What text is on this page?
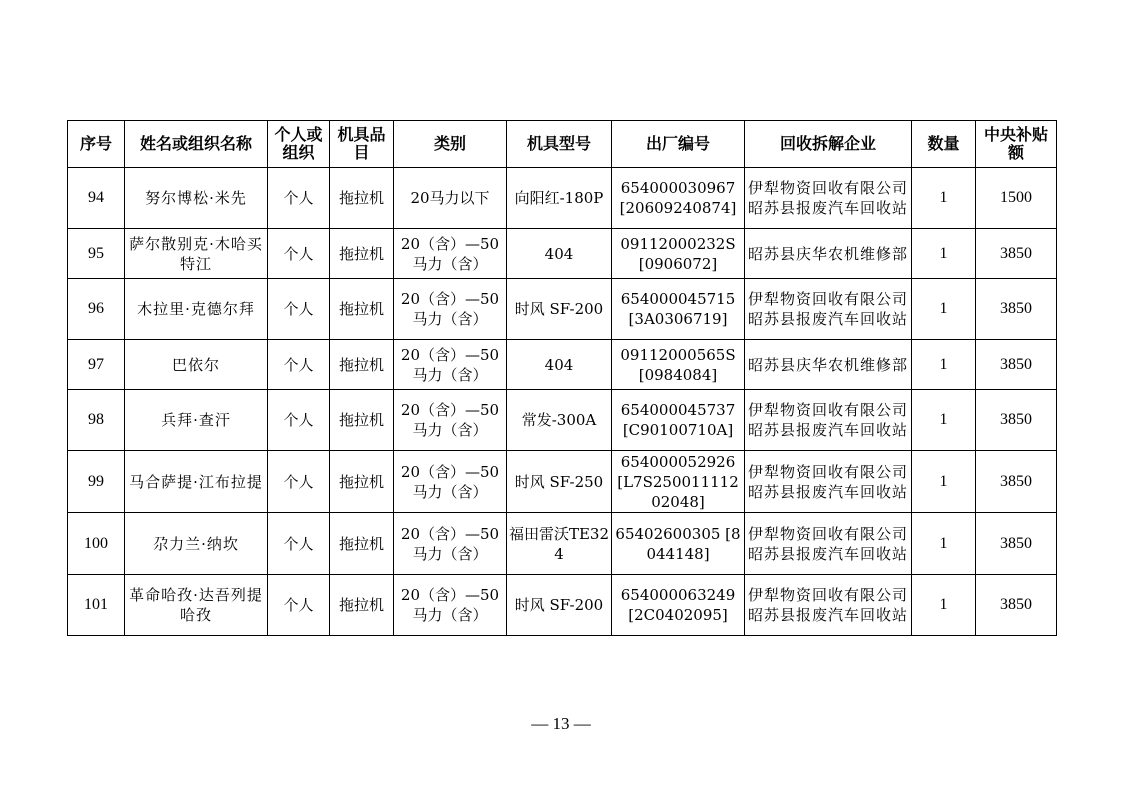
序号	姓名或组织名称	个人或组织	机具品目	类别	机具型号	出厂编号	回收拆解企业	数量	中央补贴额
94	努尔博松·米先	个人	拖拉机	20马力以下	向阳红-180P	654000030967 [20609240874]	伊犁物资回收有限公司昭苏县报废汽车回收站	1	1500
95	萨尔散别克·木哈买特江	个人	拖拉机	20（含）—50马力（含）	404	09112000232S [0906072]	昭苏县庆华农机维修部	1	3850
96	木拉里·克德尔拜	个人	拖拉机	20（含）—50马力（含）	时风 SF-200	654000045715 [3A0306719]	伊犁物资回收有限公司昭苏县报废汽车回收站	1	3850
97	巴依尔	个人	拖拉机	20（含）—50马力（含）	404	09112000565S [0984084]	昭苏县庆华农机维修部	1	3850
98	兵拜·查汗	个人	拖拉机	20（含）—50马力（含）	常发-300A	654000045737 [C90100710A]	伊犁物资回收有限公司昭苏县报废汽车回收站	1	3850
99	马合萨提·江布拉提	个人	拖拉机	20（含）—50马力（含）	时风 SF-250	654000052926 [L7S25001111202048]	伊犁物资回收有限公司昭苏县报废汽车回收站	1	3850
100	尕力兰·纳坎	个人	拖拉机	20（含）—50马力（含）	福田雷沃TE324	65402600305 [8044148]	伊犁物资回收有限公司昭苏县报废汽车回收站	1	3850
101	革命哈孜·达吾列提哈孜	个人	拖拉机	20（含）—50马力（含）	时风 SF-200	654000063249 [2C0402095]	伊犁物资回收有限公司昭苏县报废汽车回收站	1	3850
— 13 —
